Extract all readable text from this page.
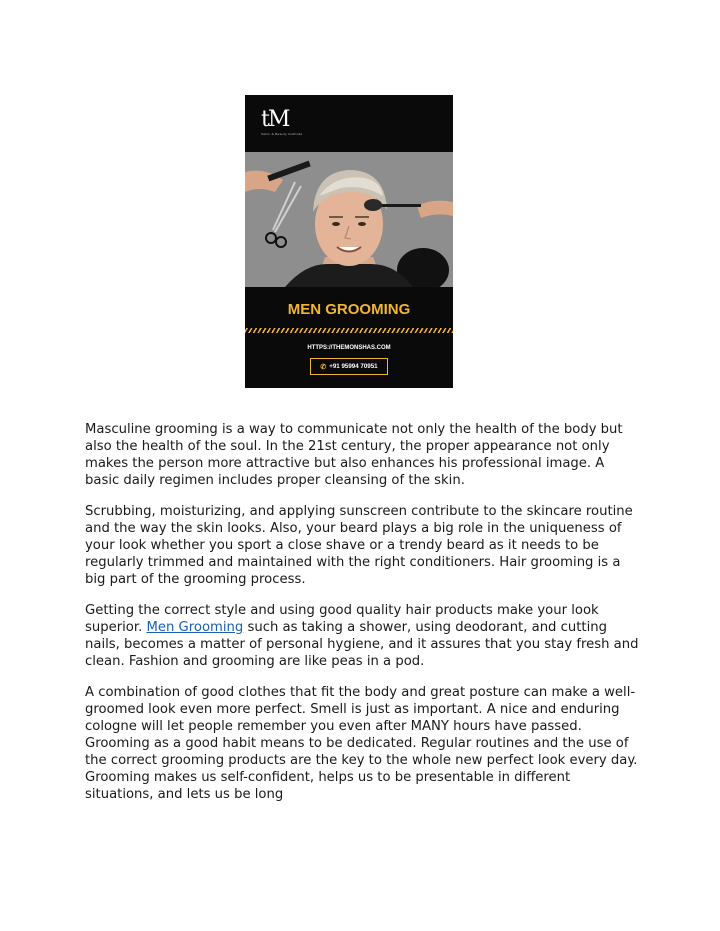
tM
Salon & Beauty Institute
MEN GROOMING
HTTPS://THEMONSHAS.COM
✆ +91 95994 70951

Masculine grooming is a way to communicate not only the health of the body but also the health of the soul. In the 21st century, the proper appearance not only makes the person more attractive but also enhances his professional image. A basic daily regimen includes proper cleansing of the skin.

Scrubbing, moisturizing, and applying sunscreen contribute to the skincare routine and the way the skin looks. Also, your beard plays a big role in the uniqueness of your look whether you sport a close shave or a trendy beard as it needs to be regularly trimmed and maintained with the right conditioners. Hair grooming is a big part of the grooming process.

Getting the correct style and using good quality hair products make your look superior. Men Grooming such as taking a shower, using deodorant, and cutting nails, becomes a matter of personal hygiene, and it assures that you stay fresh and clean. Fashion and grooming are like peas in a pod.

A combination of good clothes that fit the body and great posture can make a well-groomed look even more perfect. Smell is just as important. A nice and enduring cologne will let people remember you even after MANY hours have passed. Grooming as a good habit means to be dedicated. Regular routines and the use of the correct grooming products are the key to the whole new perfect look every day. Grooming makes us self-confident, helps us to be presentable in different situations, and lets us be long
